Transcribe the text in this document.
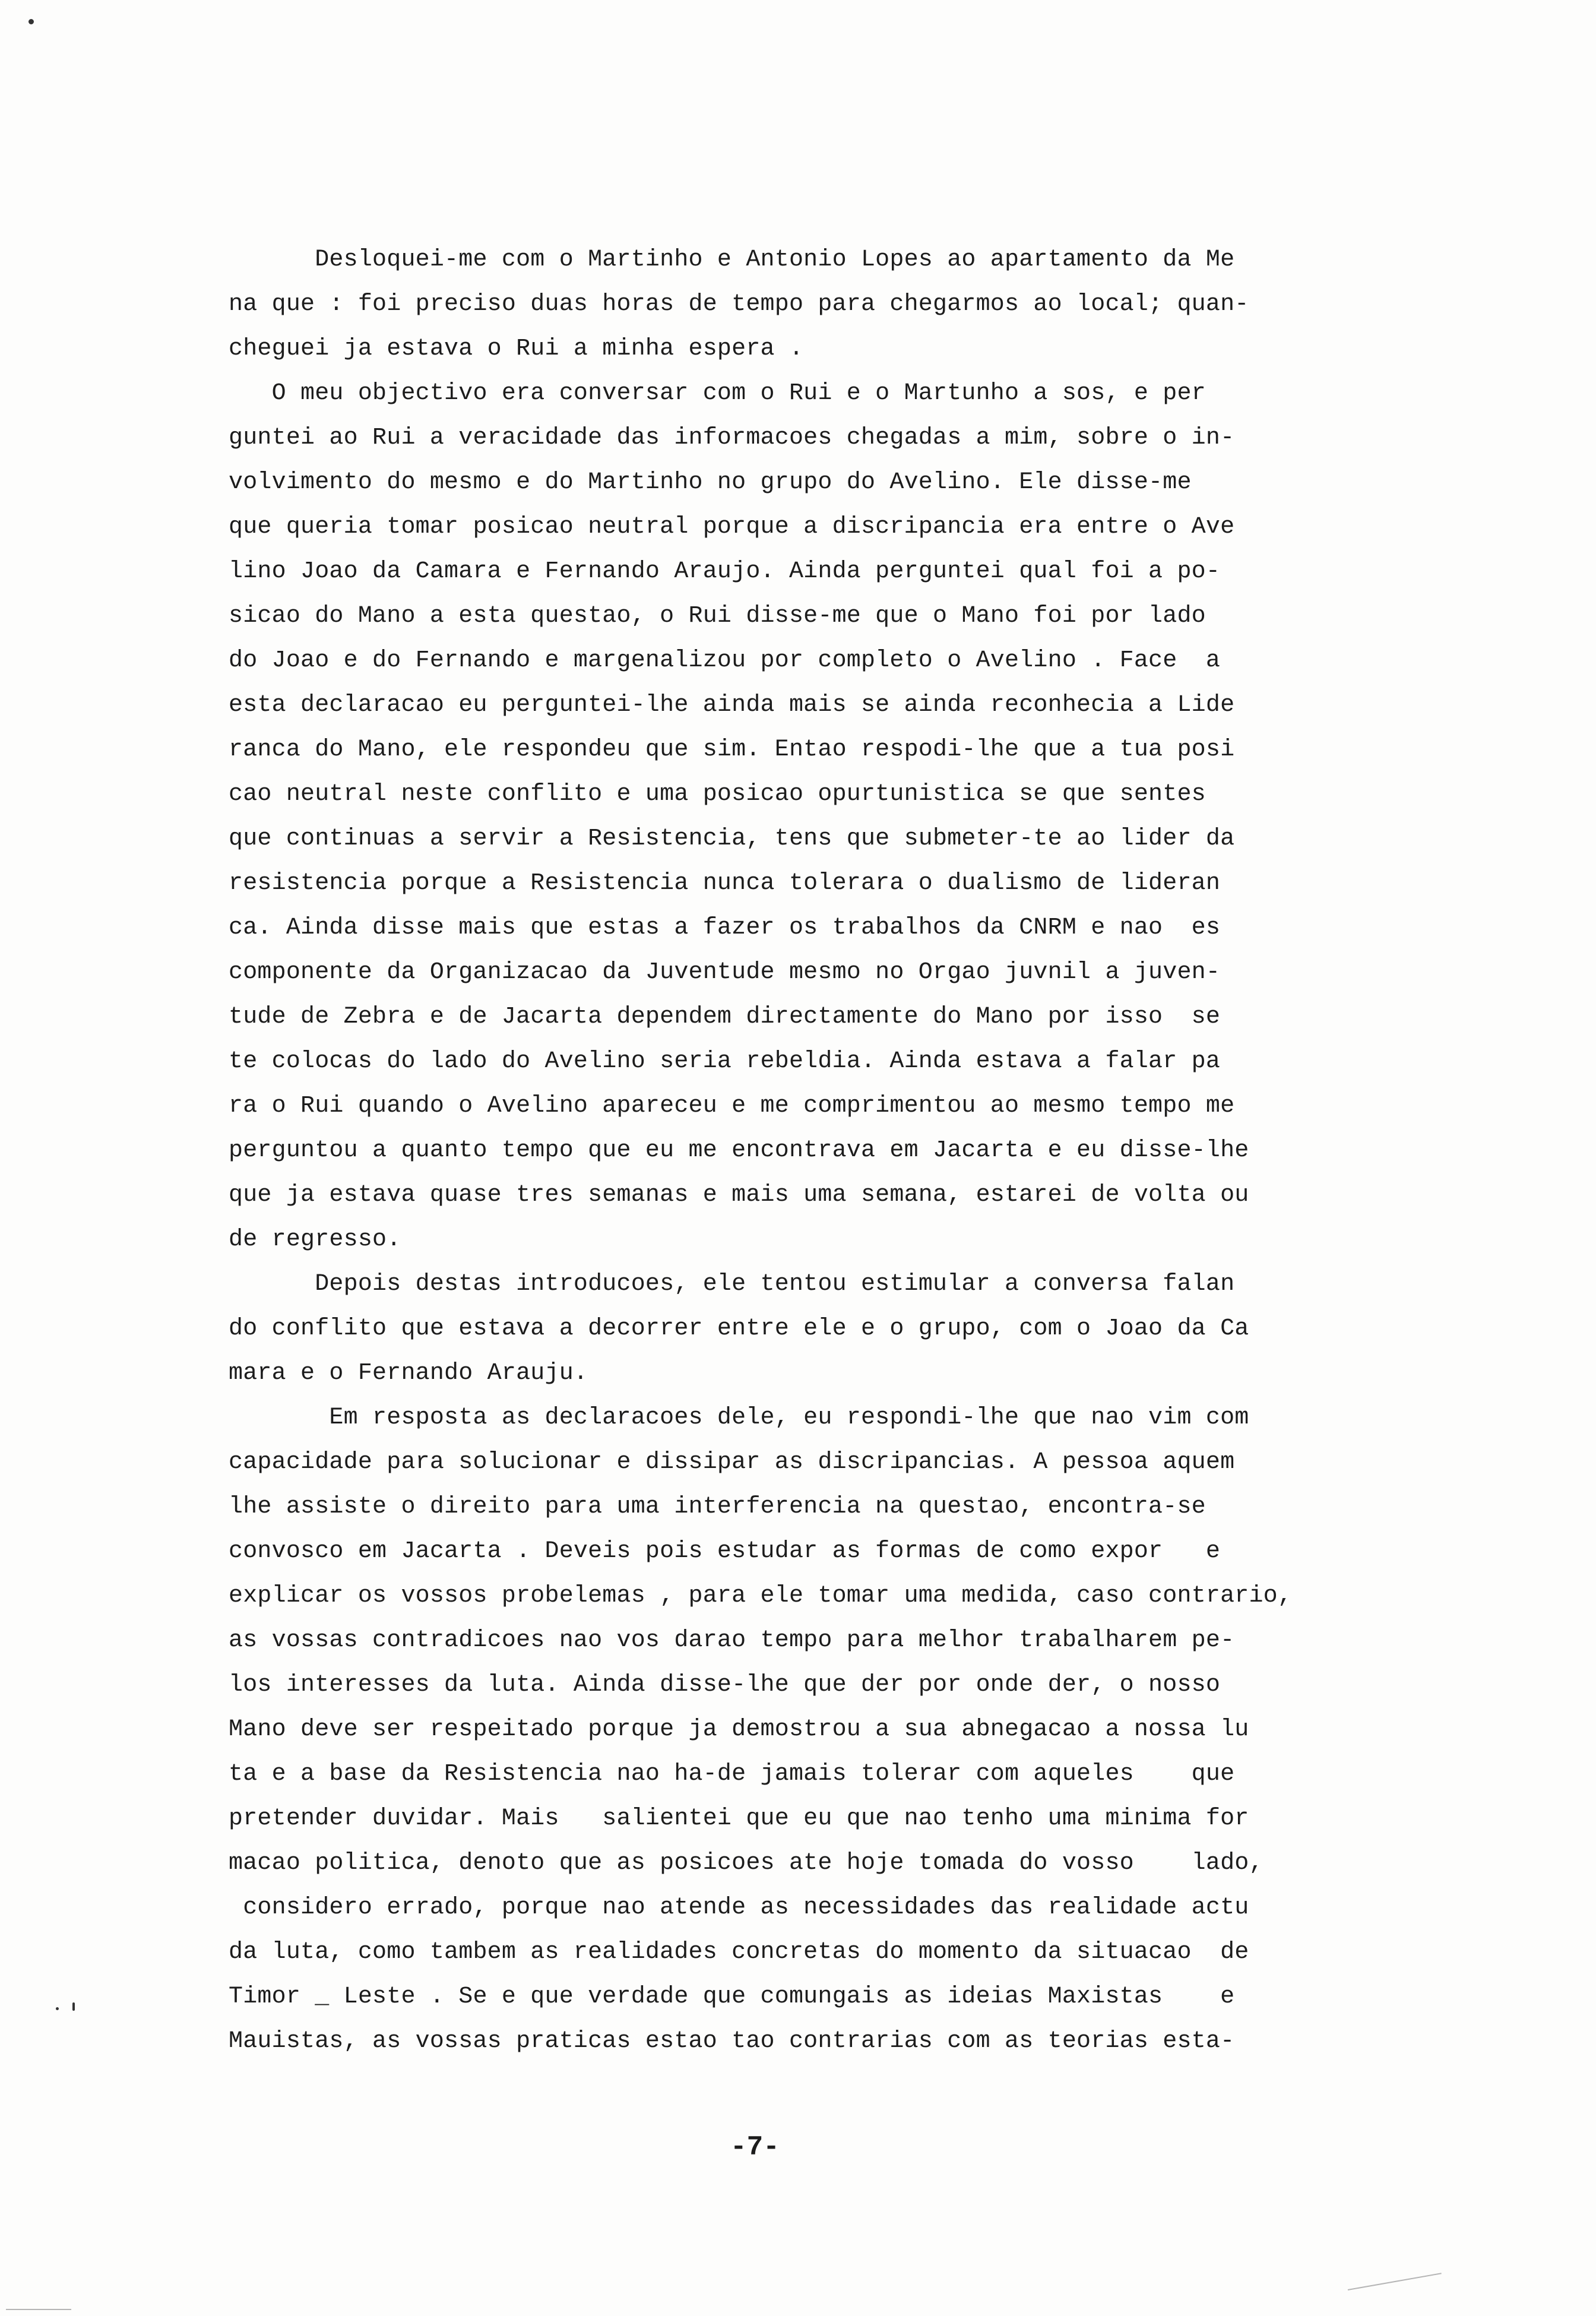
Desloquei-me com o Martinho e Antonio Lopes ao apartamento da Me
na que : foi preciso duas horas de tempo para chegarmos ao local; quan-
cheguei ja estava o Rui a minha espera .
O meu objectivo era conversar com o Rui e o Martunho a sos, e per
guntei ao Rui a veracidade das informacoes chegadas a mim, sobre o in-
volvimento do mesmo e do Martinho no grupo do Avelino. Ele disse-me
que queria tomar posicao neutral porque a discripancia era entre o Ave
lino Joao da Camara e Fernando Araujo. Ainda perguntei qual foi a po-
sicao do Mano a esta questao, o Rui disse-me que o Mano foi por lado
do Joao e do Fernando e margenalizou por completo o Avelino . Face  a
esta declaracao eu perguntei-lhe ainda mais se ainda reconhecia a Lide
ranca do Mano, ele respondeu que sim. Entao respodi-lhe que a tua posi
cao neutral neste conflito e uma posicao opurtunistica se que sentes
que continuas a servir a Resistencia, tens que submeter-te ao lider da
resistencia porque a Resistencia nunca tolerara o dualismo de lideran
ca. Ainda disse mais que estas a fazer os trabalhos da CNRM e nao  es
componente da Organizacao da Juventude mesmo no Orgao juvnil a juven-
tude de Zebra e de Jacarta dependem directamente do Mano por isso  se
te colocas do lado do Avelino seria rebeldia. Ainda estava a falar pa
ra o Rui quando o Avelino apareceu e me comprimentou ao mesmo tempo me
perguntou a quanto tempo que eu me encontrava em Jacarta e eu disse-lhe
que ja estava quase tres semanas e mais uma semana, estarei de volta ou
de regresso.
Depois destas introducoes, ele tentou estimular a conversa falan
do conflito que estava a decorrer entre ele e o grupo, com o Joao da Ca
mara e o Fernando Arauju.
Em resposta as declaracoes dele, eu respondi-lhe que nao vim com
capacidade para solucionar e dissipar as discripancias. A pessoa aquem
lhe assiste o direito para uma interferencia na questao, encontra-se
convosco em Jacarta . Deveis pois estudar as formas de como expor   e
explicar os vossos probelemas , para ele tomar uma medida, caso contrario,
as vossas contradicoes nao vos darao tempo para melhor trabalharem pe-
los interesses da luta. Ainda disse-lhe que der por onde der, o nosso
Mano deve ser respeitado porque ja demostrou a sua abnegacao a nossa lu
ta e a base da Resistencia nao ha-de jamais tolerar com aqueles    que
pretender duvidar. Mais   salientei que eu que nao tenho uma minima for
macao politica, denoto que as posicoes ate hoje tomada do vosso    lado,
considero errado, porque nao atende as necessidades das realidade actu
da luta, como tambem as realidades concretas do momento da situacao  de
Timor _ Leste . Se e que verdade que comungais as ideias Maxistas    e
Mauistas, as vossas praticas estao tao contrarias com as teorias esta-
-7-
